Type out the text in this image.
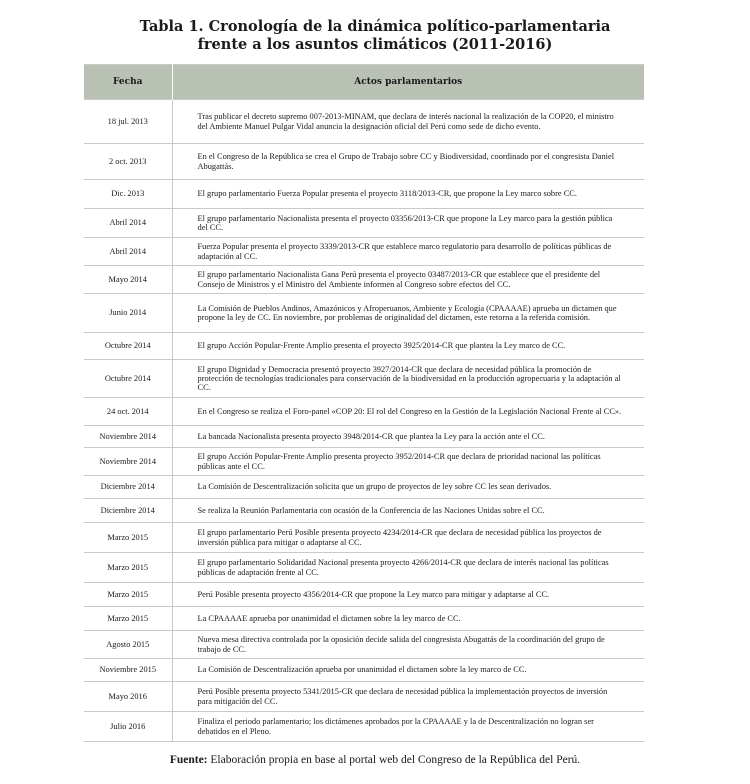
Tabla 1. Cronología de la dinámica político-parlamentaria
frente a los asuntos climáticos (2011-2016)
Fecha	Actos parlamentarios
18 jul. 2013	Tras publicar el decreto supremo 007-2013-MINAM, que declara de interés nacional la realización de la COP20, el ministro del Ambiente Manuel Pulgar Vidal anuncia la designación oficial del Perú como sede de dicho evento.
2 oct. 2013	En el Congreso de la República se crea el Grupo de Trabajo sobre CC y Biodiversidad, coordinado por el congresista Daniel Abugattás.
Dic. 2013	El grupo parlamentario Fuerza Popular presenta el proyecto 3118/2013-CR, que propone la Ley marco sobre CC.
Abril 2014	El grupo parlamentario Nacionalista presenta el proyecto 03356/2013-CR que propone la Ley marco para la gestión pública del CC.
Abril 2014	Fuerza Popular presenta el proyecto 3339/2013-CR que establece marco regulatorio para desarrollo de políticas públicas de adaptación al CC.
Mayo 2014	El grupo parlamentario Nacionalista Gana Perú presenta el proyecto 03487/2013-CR que establece que el presidente del Consejo de Ministros y el Ministro del Ambiente informen al Congreso sobre efectos del CC.
Junio 2014	La Comisión de Pueblos Andinos, Amazónicos y Afroperuanos, Ambiente y Ecología (CPAAAAE) aprueba un dictamen que propone la ley de CC. En noviembre, por problemas de originalidad del dictamen, este retorna a la referida comisión.
Octubre 2014	El grupo Acción Popular-Frente Amplio presenta el proyecto 3925/2014-CR que plantea la Ley marco de CC.
Octubre 2014	El grupo Dignidad y Democracia presentó proyecto 3927/2014-CR que declara de necesidad pública la promoción de protección de tecnologías tradicionales para conservación de la biodiversidad en la producción agropecuaria y la adaptación al CC.
24 oct. 2014	En el Congreso se realiza el Foro-panel «COP 20: El rol del Congreso en la Gestión de la Legislación Nacional Frente al CC».
Noviembre 2014	La bancada Nacionalista presenta proyecto 3948/2014-CR que plantea la Ley para la acción ante el CC.
Noviembre 2014	El grupo Acción Popular-Frente Amplio presenta proyecto 3952/2014-CR que declara de prioridad nacional las políticas públicas ante el CC.
Diciembre 2014	La Comisión de Descentralización solicita que un grupo de proyectos de ley sobre CC les sean derivados.
Diciembre 2014	Se realiza la Reunión Parlamentaria con ocasión de la Conferencia de las Naciones Unidas sobre el CC.
Marzo 2015	El grupo parlamentario Perú Posible presenta proyecto 4234/2014-CR que declara de necesidad pública los proyectos de inversión pública para mitigar o adaptarse al CC.
Marzo 2015	El grupo parlamentario Solidaridad Nacional presenta proyecto 4266/2014-CR que declara de interés nacional las políticas públicas de adaptación frente al CC.
Marzo 2015	Perú Posible presenta proyecto 4356/2014-CR que propone la Ley marco para mitigar y adaptarse al CC.
Marzo 2015	La CPAAAAE aprueba por unanimidad el dictamen sobre la ley marco de CC.
Agosto 2015	Nueva mesa directiva controlada por la oposición decide salida del congresista Abugattás de la coordinación del grupo de trabajo de CC.
Noviembre 2015	La Comisión de Descentralización aprueba por unanimidad el dictamen sobre la ley marco de CC.
Mayo 2016	Perú Posible presenta proyecto 5341/2015-CR que declara de necesidad pública la implementación proyectos de inversión para mitigación del CC.
Julio 2016	Finaliza el periodo parlamentario; los dictámenes aprobados por la CPAAAAE y la de Descentralización no logran ser debatidos en el Pleno.
Fuente: Elaboración propia en base al portal web del Congreso de la República del Perú.
